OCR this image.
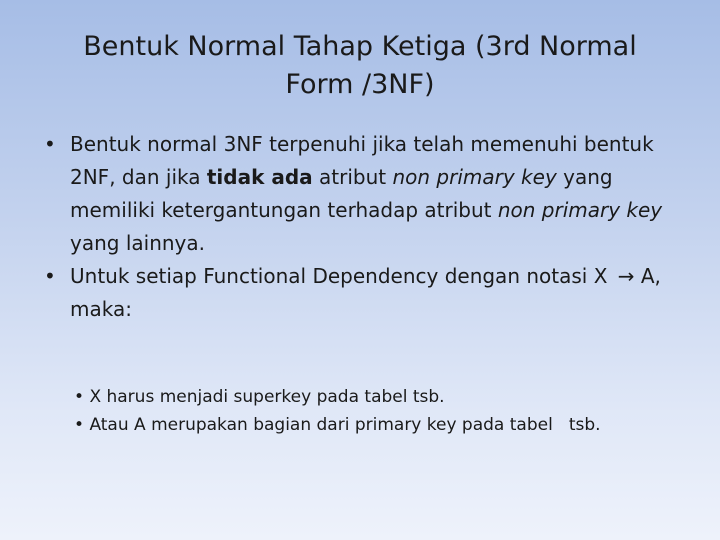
Bentuk Normal Tahap Ketiga (3rd Normal
Form /3NF)
• Bentuk normal 3NF terpenuhi jika telah memenuhi bentuk 2NF, dan jika tidak ada atribut non primary key yang memiliki ketergantungan terhadap atribut non primary key yang lainnya.
• Untuk setiap Functional Dependency dengan notasi X → A, maka:
• X harus menjadi superkey pada tabel tsb.
• Atau A merupakan bagian dari primary key pada tabel tsb.
